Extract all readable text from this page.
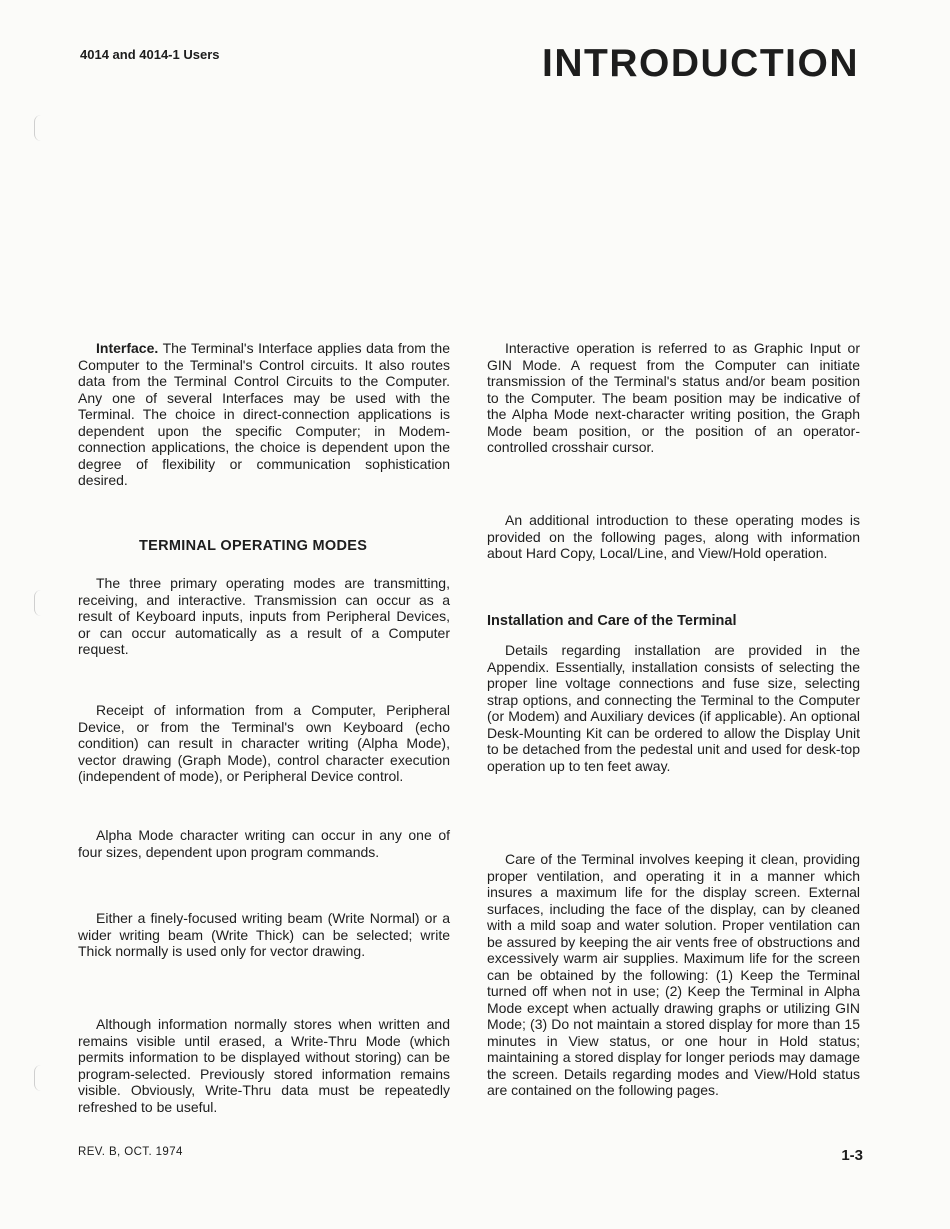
4014 and 4014-1 Users	INTRODUCTION

Interface. The Terminal's Interface applies data from the Computer to the Terminal's Control circuits. It also routes data from the Terminal Control Circuits to the Computer. Any one of several Interfaces may be used with the Terminal. The choice in direct-connection applications is dependent upon the specific Computer; in Modem-connection applications, the choice is dependent upon the degree of flexibility or communication sophistication desired.

TERMINAL OPERATING MODES

The three primary operating modes are transmitting, receiving, and interactive. Transmission can occur as a result of Keyboard inputs, inputs from Peripheral Devices, or can occur automatically as a result of a Computer request.

Receipt of information from a Computer, Peripheral Device, or from the Terminal's own Keyboard (echo condition) can result in character writing (Alpha Mode), vector drawing (Graph Mode), control character execution (independent of mode), or Peripheral Device control.

Alpha Mode character writing can occur in any one of four sizes, dependent upon program commands.

Either a finely-focused writing beam (Write Normal) or a wider writing beam (Write Thick) can be selected; write Thick normally is used only for vector drawing.

Although information normally stores when written and remains visible until erased, a Write-Thru Mode (which permits information to be displayed without storing) can be program-selected. Previously stored information remains visible. Obviously, Write-Thru data must be repeatedly refreshed to be useful.

Interactive operation is referred to as Graphic Input or GIN Mode. A request from the Computer can initiate transmission of the Terminal's status and/or beam position to the Computer. The beam position may be indicative of the Alpha Mode next-character writing position, the Graph Mode beam position, or the position of an operator-controlled crosshair cursor.

An additional introduction to these operating modes is provided on the following pages, along with information about Hard Copy, Local/Line, and View/Hold operation.

Installation and Care of the Terminal

Details regarding installation are provided in the Appendix. Essentially, installation consists of selecting the proper line voltage connections and fuse size, selecting strap options, and connecting the Terminal to the Computer (or Modem) and Auxiliary devices (if applicable). An optional Desk-Mounting Kit can be ordered to allow the Display Unit to be detached from the pedestal unit and used for desk-top operation up to ten feet away.

Care of the Terminal involves keeping it clean, providing proper ventilation, and operating it in a manner which insures a maximum life for the display screen. External surfaces, including the face of the display, can by cleaned with a mild soap and water solution. Proper ventilation can be assured by keeping the air vents free of obstructions and excessively warm air supplies. Maximum life for the screen can be obtained by the following: (1) Keep the Terminal turned off when not in use; (2) Keep the Terminal in Alpha Mode except when actually drawing graphs or utilizing GIN Mode; (3) Do not maintain a stored display for more than 15 minutes in View status, or one hour in Hold status; maintaining a stored display for longer periods may damage the screen. Details regarding modes and View/Hold status are contained on the following pages.

REV. B, OCT. 1974	1-3
